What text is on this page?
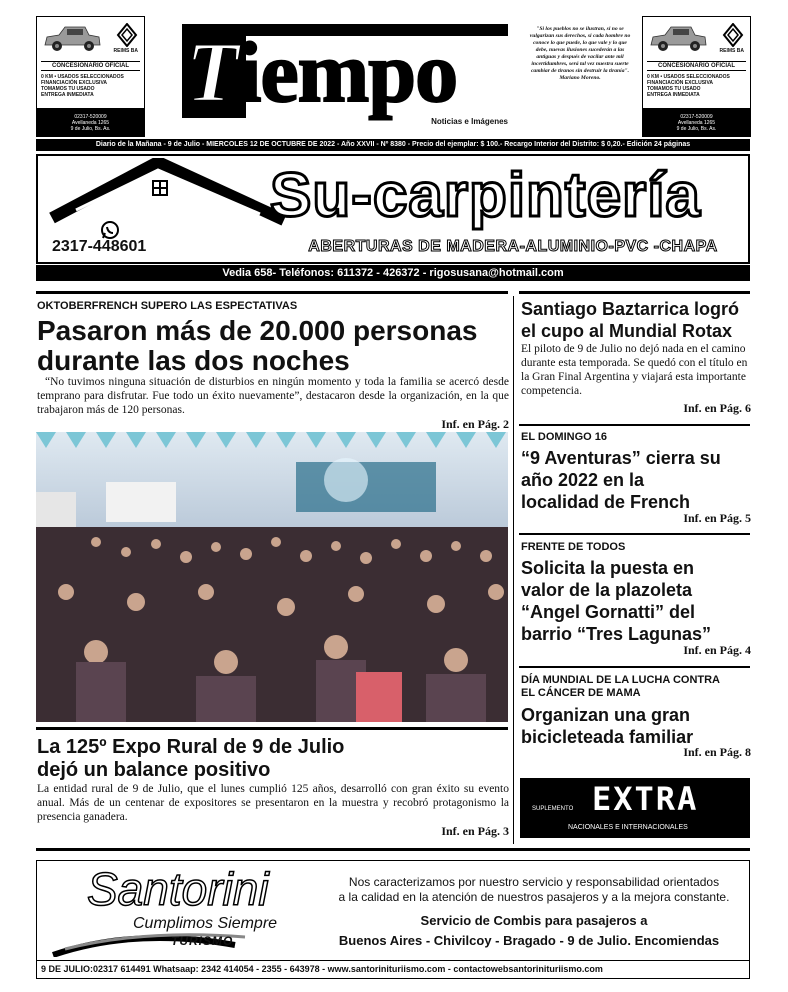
REIMS BA
CONCESIONARIO OFICIAL
0 KM • USADOS SELECCIONADOS
FINANCIACIÓN EXCLUSIVA
TOMAMOS TU USADO
ENTREGA INMEDIATA
02317-520009
Avellaneda 1265
9 de Julio, Bs. As.
Tiempo
Noticias e Imágenes
"Si los pueblos no se ilustran, si no se vulgarizan sus derechos, si cada hombre no conoce lo que puede, lo que vale y lo que debe, nuevas ilusiones sucederán a las antiguas y después de vacilar ante mil incertidumbres, será tal vez nuestra suerte cambiar de tiranos sin destruir la tiranía". Mariano Moreno.
REIMS BA
CONCESIONARIO OFICIAL
0 KM • USADOS SELECCIONADOS
FINANCIACIÓN EXCLUSIVA
TOMAMOS TU USADO
ENTREGA INMEDIATA
02317-520009
Avellaneda 1265
9 de Julio, Bs. As.
Diario de la Mañana - 9 de Julio - MIERCOLES 12 DE OCTUBRE DE 2022 - Año XXVII - Nº 8380 - Precio del ejemplar: $ 100.- Recargo Interior del Distrito: $ 0,20.- Edición 24 páginas
Su-carpintería
2317-448601	ABERTURAS DE MADERA-ALUMINIO-PVC -CHAPA
Vedia 658- Teléfonos: 611372 - 426372 - rigosusana@hotmail.com
OKTOBERFRENCH SUPERO LAS ESPECTATIVAS
Pasaron más de 20.000 personas durante las dos noches
“No tuvimos ninguna situación de disturbios en ningún momento y toda la familia se acercó desde temprano para disfrutar. Fue todo un éxito nuevamente”, destacaron desde la organización, en la que trabajaron más de 120 personas.
Inf. en Pág. 2
La 125º Expo Rural de 9 de Julio
dejó un balance positivo
La entidad rural de 9 de Julio, que el lunes cumplió 125 años, desarrolló con gran éxito su evento anual. Más de un centenar de expositores se presentaron en la muestra y recobró protagonismo la presencia ganadera.
Inf. en Pág. 3
Santiago Baztarrica logró el cupo al Mundial Rotax
El piloto de 9 de Julio no dejó nada en el camino durante esta temporada. Se quedó con el título en la Gran Final Argentina y viajará esta importante competencia.
Inf. en Pág. 6
EL DOMINGO 16
“9 Aventuras” cierra su año 2022 en la localidad de French
Inf. en Pág. 5
FRENTE DE TODOS
Solicita la puesta en valor de la plazoleta “Angel Gornatti” del barrio “Tres Lagunas”
Inf. en Pág. 4
DÍA MUNDIAL DE LA LUCHA CONTRA EL CÁNCER DE MAMA
Organizan una gran bicicleteada familiar
Inf. en Pág. 8
SUPLEMENTO EXTRA
NACIONALES E INTERNACIONALES
Santorini
Cumplimos Siempre
TURISMO
Nos caracterizamos por nuestro servicio y responsabilidad orientados
a la calidad en la atención de nuestros pasajeros y a la mejora constante.
Servicio de Combis para pasajeros a
Buenos Aires - Chivilcoy - Bragado - 9 de Julio. Encomiendas
9 DE JULIO:02317 614491 Whatsaap: 2342 414054 - 2355 - 643978 - www.santorinituriismo.com - contactowebsantorinituriismo.com
